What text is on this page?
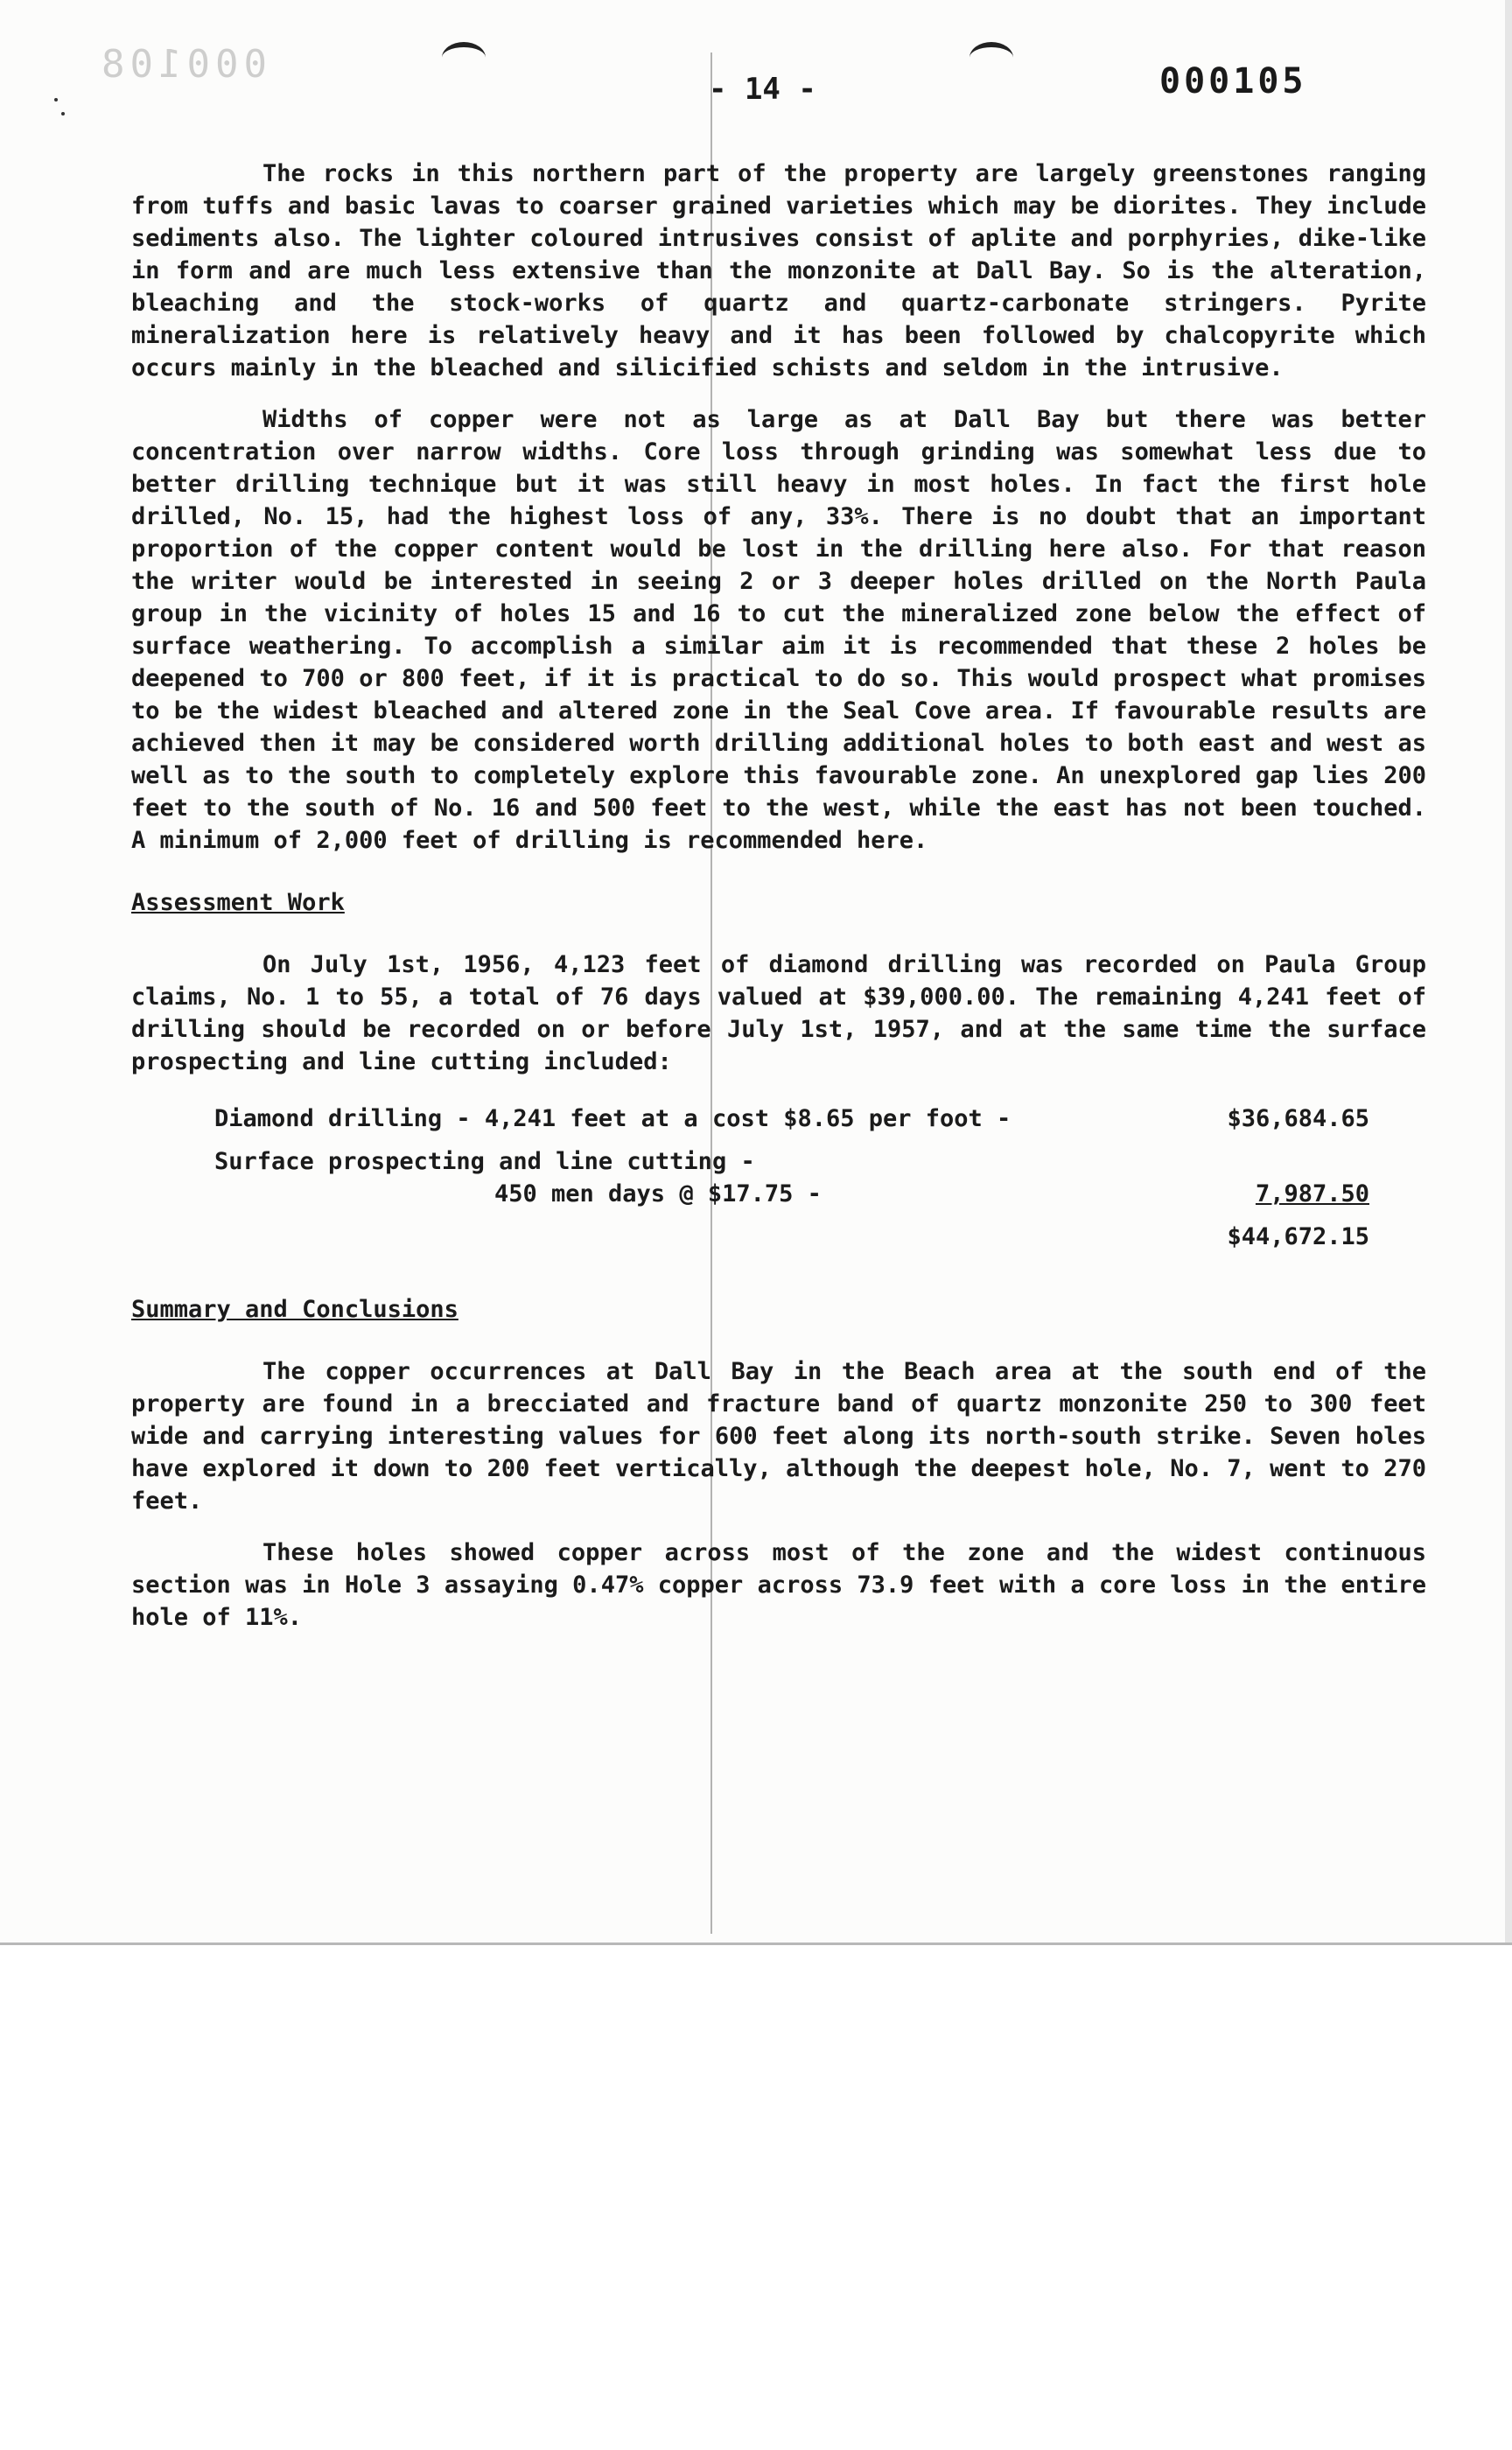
000108
- 14 -	000105

The rocks in this northern part of the property are largely greenstones ranging from tuffs and basic lavas to coarser grained varieties which may be diorites. They include sediments also. The lighter coloured intrusives consist of aplite and porphyries, dike-like in form and are much less extensive than the monzonite at Dall Bay. So is the alteration, bleaching and the stock-works of quartz and quartz-carbonate stringers. Pyrite mineralization here is relatively heavy and it has been followed by chalcopyrite which occurs mainly in the bleached and silicified schists and seldom in the intrusive.

Widths of copper were not as large as at Dall Bay but there was better concentration over narrow widths. Core loss through grinding was somewhat less due to better drilling technique but it was still heavy in most holes. In fact the first hole drilled, No. 15, had the highest loss of any, 33%. There is no doubt that an important proportion of the copper content would be lost in the drilling here also. For that reason the writer would be interested in seeing 2 or 3 deeper holes drilled on the North Paula group in the vicinity of holes 15 and 16 to cut the mineralized zone below the effect of surface weathering. To accomplish a similar aim it is recommended that these 2 holes be deepened to 700 or 800 feet, if it is practical to do so. This would prospect what promises to be the widest bleached and altered zone in the Seal Cove area. If favourable results are achieved then it may be considered worth drilling additional holes to both east and west as well as to the south to completely explore this favourable zone. An unexplored gap lies 200 feet to the south of No. 16 and 500 feet to the west, while the east has not been touched. A minimum of 2,000 feet of drilling is recommended here.

Assessment Work

On July 1st, 1956, 4,123 feet of diamond drilling was recorded on Paula Group claims, No. 1 to 55, a total of 76 days valued at $39,000.00. The remaining 4,241 feet of drilling should be recorded on or before July 1st, 1957, and at the same time the surface prospecting and line cutting included:

Diamond drilling - 4,241 feet at a cost $8.65 per foot -	$36,684.65

Surface prospecting and line cutting -
450 men days @ $17.75 -	7,987.50
	$44,672.15
Summary and Conclusions

The copper occurrences at Dall Bay in the Beach area at the south end of the property are found in a brecciated and fracture band of quartz monzonite 250 to 300 feet wide and carrying interesting values for 600 feet along its north-south strike. Seven holes have explored it down to 200 feet vertically, although the deepest hole, No. 7, went to 270 feet.

These holes showed copper across most of the zone and the widest continuous section was in Hole 3 assaying 0.47% copper across 73.9 feet with a core loss in the entire hole of 11%.
